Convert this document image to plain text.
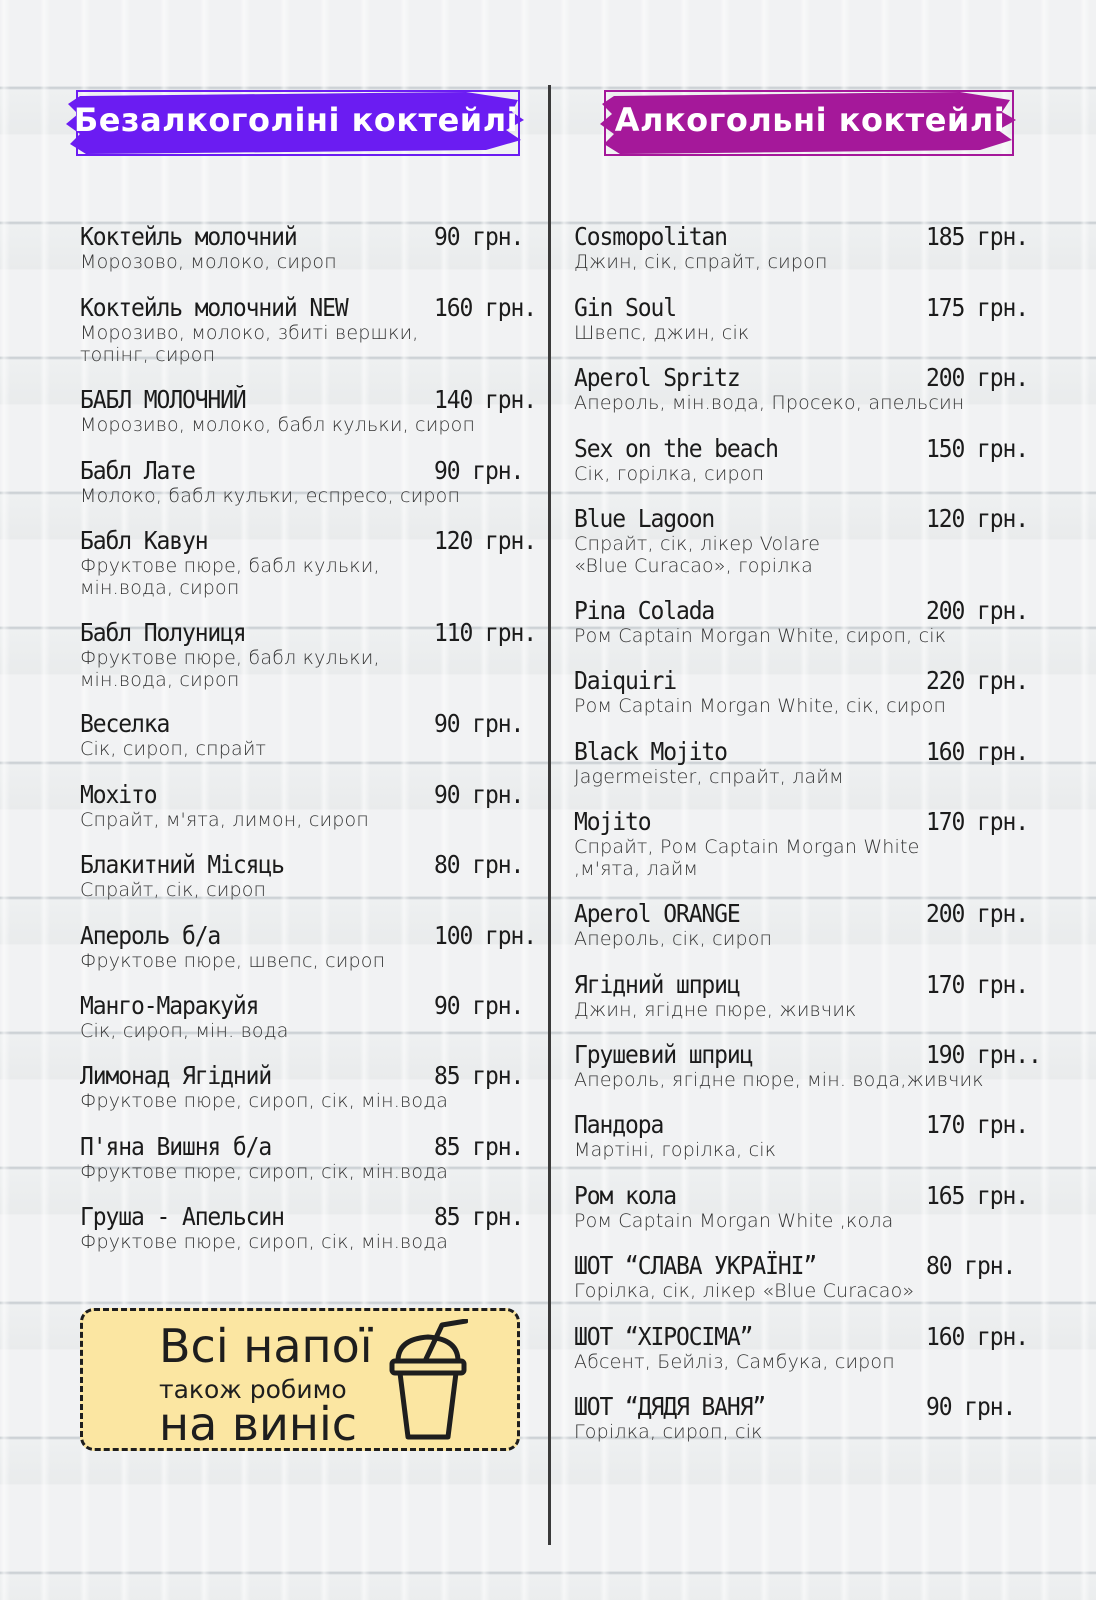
Безалкоголіні коктейлі	Алкогольні коктейлі
Коктейль молочний	90 грн.
Морозово, молоко, сироп
Коктейль молочний NEW	160 грн.
Морозиво, молоко, збиті вершки,
топінг, сироп
БАБЛ МОЛОЧНИЙ	140 грн.
Морозиво, молоко, бабл кульки, сироп
Бабл Лате	90 грн.
Молоко, бабл кульки, еспресо, сироп
Бабл Кавун	120 грн.
Фруктове пюре, бабл кульки,
мін.вода, сироп
Бабл Полуниця	110 грн.
Фруктове пюре, бабл кульки,
мін.вода, сироп
Веселка	90 грн.
Сік, сироп, спрайт
Мохіто	90 грн.
Спрайт, м'ята, лимон, сироп
Блакитний Місяць	80 грн.
Спрайт, сік, сироп
Апероль б/а	100 грн.
Фруктове пюре, швепс, сироп
Манго-Маракуйя	90 грн.
Сік, сироп, мін. вода
Лимонад Ягідний	85 грн.
Фруктове пюре, сироп, сік, мін.вода
П'яна Вишня б/а	85 грн.
Фруктове пюре, сироп, сік, мін.вода
Груша - Апельсин	85 грн.
Фруктове пюре, сироп, сік, мін.вода
Cosmopolitan	185 грн.
Джин, сік, спрайт, сироп
Gin Soul	175 грн.
Швепс, джин, сік
Aperol Spritz	200 грн.
Апероль, мін.вода, Просеко, апельсин
Sex on the beach	150 грн.
Сік, горілка, сироп
Blue Lagoon	120 грн.
Спрайт, сік, лікер Volare
«Blue Curacao», горілка
Pina Colada	200 грн.
Ром Captain Morgan White, сироп, сік
Daiquiri	220 грн.
Ром Captain Morgan White, сік, сироп
Black Mojito	160 грн.
Jagermeister, спрайт, лайм
Mojito	170 грн.
Спрайт, Ром Captain Morgan White
,м'ята, лайм
Aperol ORANGE	200 грн.
Апероль, сік, сироп
Ягідний шприц	170 грн.
Джин, ягідне пюре, живчик
Грушевий шприц	190 грн..
Апероль, ягідне пюре, мін. вода,живчик
Пандора	170 грн.
Мартіні, горілка, сік
Ром кола	165 грн.
Ром Captain Morgan White ,кола
ШОТ “СЛАВА УКРАЇНІ”	80 грн.
Горілка, сік, лікер «Blue Curacao»
ШОТ “ХІРОСІМА”	160 грн.
Абсент, Бейліз, Самбука, сироп
ШОТ “ДЯДЯ ВАНЯ”	90 грн.
Горілка, сироп, сік
Всі напої
також робимо
на виніс
